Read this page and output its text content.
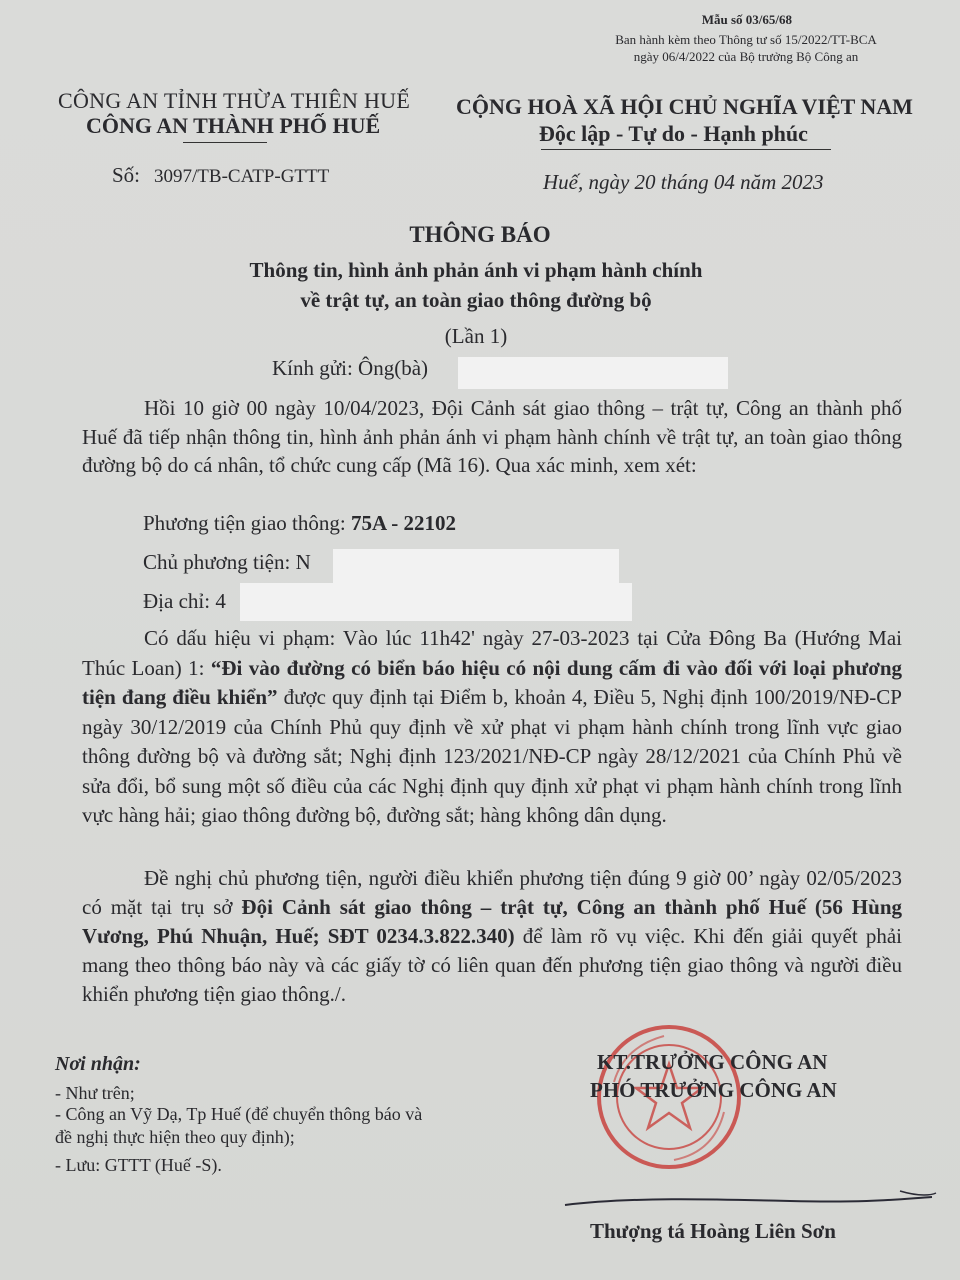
Mẫu số 03/65/68
Ban hành kèm theo Thông tư số 15/2022/TT-BCA
ngày 06/4/2022 của Bộ trưởng Bộ Công an
CÔNG AN TỈNH THỪA THIÊN HUẾ
CÔNG AN THÀNH PHỐ HUẾ
CỘNG HOÀ XÃ HỘI CHỦ NGHĨA VIỆT NAM
Độc lập - Tự do - Hạnh phúc
Số: 3097/TB-CATP-GTTT	Huế, ngày 20 tháng 04 năm 2023
THÔNG BÁO
Thông tin, hình ảnh phản ánh vi phạm hành chính
về trật tự, an toàn giao thông đường bộ
(Lần 1)
Kính gửi: Ông(bà)
Hồi 10 giờ 00 ngày 10/04/2023, Đội Cảnh sát giao thông – trật tự, Công an thành phố Huế đã tiếp nhận thông tin, hình ảnh phản ánh vi phạm hành chính về trật tự, an toàn giao thông đường bộ do cá nhân, tổ chức cung cấp (Mã 16). Qua xác minh, xem xét:
Phương tiện giao thông: 75A - 22102
Chủ phương tiện: N
Địa chỉ: 4
Có dấu hiệu vi phạm: Vào lúc 11h42' ngày 27-03-2023 tại Cửa Đông Ba (Hướng Mai Thúc Loan) 1: “Đi vào đường có biển báo hiệu có nội dung cấm đi vào đối với loại phương tiện đang điều khiển” được quy định tại Điểm b, khoản 4, Điều 5, Nghị định 100/2019/NĐ-CP ngày 30/12/2019 của Chính Phủ quy định về xử phạt vi phạm hành chính trong lĩnh vực giao thông đường bộ và đường sắt; Nghị định 123/2021/NĐ-CP ngày 28/12/2021 của Chính Phủ về sửa đổi, bổ sung một số điều của các Nghị định quy định xử phạt vi phạm hành chính trong lĩnh vực hàng hải; giao thông đường bộ, đường sắt; hàng không dân dụng.
Đề nghị chủ phương tiện, người điều khiển phương tiện đúng 9 giờ 00’ ngày 02/05/2023 có mặt tại trụ sở Đội Cảnh sát giao thông – trật tự, Công an thành phố Huế (56 Hùng Vương, Phú Nhuận, Huế; SĐT 0234.3.822.340) để làm rõ vụ việc. Khi đến giải quyết phải mang theo thông báo này và các giấy tờ có liên quan đến phương tiện giao thông và người điều khiển phương tiện giao thông./.
Nơi nhận:
- Như trên;
- Công an Vỹ Dạ, Tp Huế (để chuyển thông báo và
đề nghị thực hiện theo quy định);
- Lưu: GTTT (Huế -S).
KT.TRƯỞNG CÔNG AN
PHÓ TRƯỞNG CÔNG AN
Thượng tá Hoàng Liên Sơn
